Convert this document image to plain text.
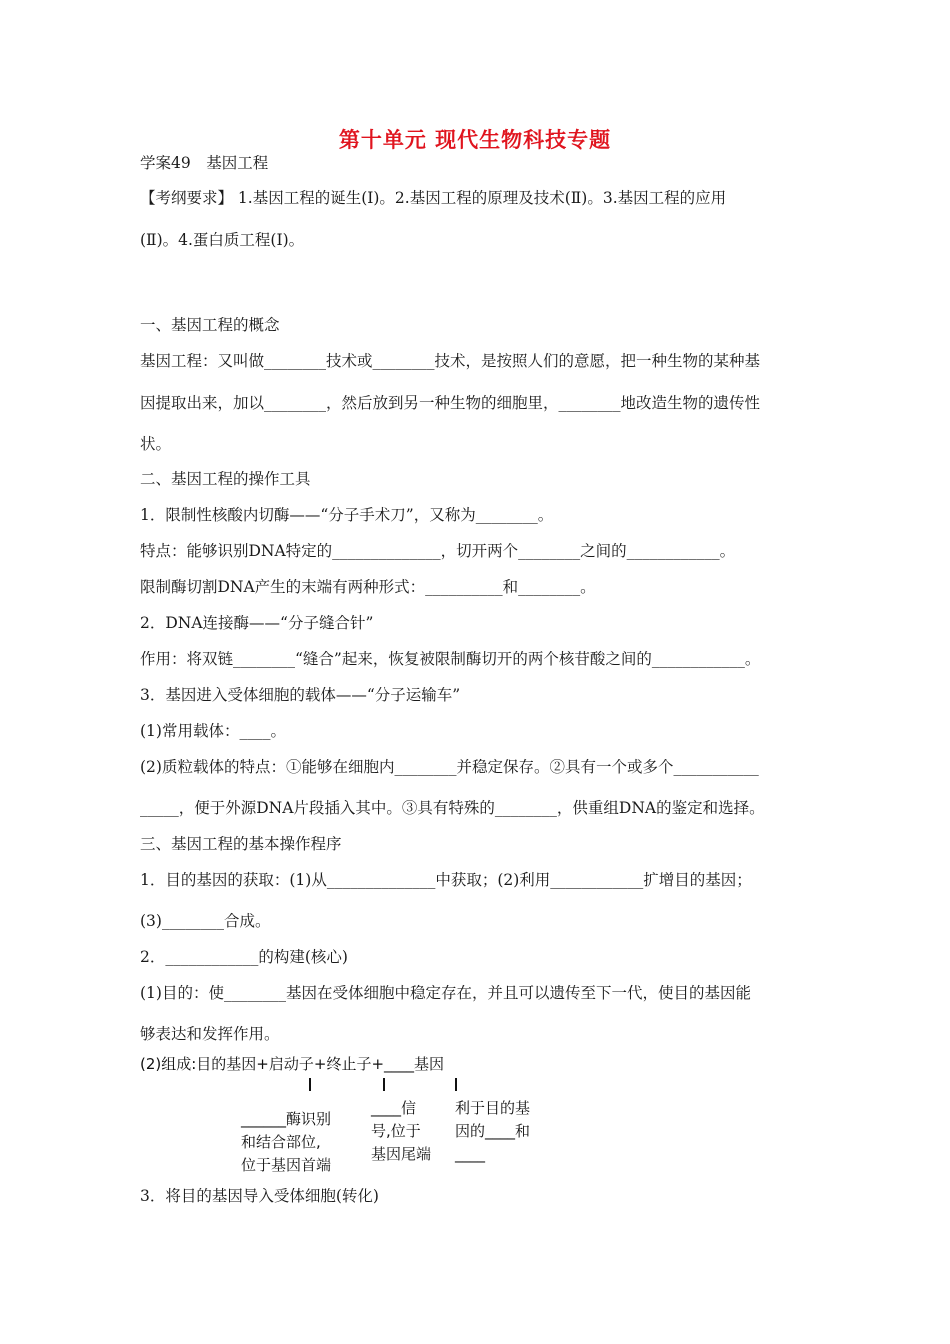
第十单元 现代生物科技专题
学案49　基因工程
【考纲要求】 1.基因工程的诞生(Ⅰ)。2.基因工程的原理及技术(Ⅱ)。3.基因工程的应用
(Ⅱ)。4.蛋白质工程(Ⅰ)。
一、基因工程的概念
基因工程：又叫做________技术或________技术，是按照人们的意愿，把一种生物的某种基
因提取出来，加以________，然后放到另一种生物的细胞里，________地改造生物的遗传性
状。
二、基因工程的操作工具
1．限制性核酸内切酶——“分子手术刀”，又称为________。
特点：能够识别DNA特定的______________，切开两个________之间的____________。
限制酶切割DNA产生的末端有两种形式：__________和________。
2．DNA连接酶——“分子缝合针”
作用：将双链________“缝合”起来，恢复被限制酶切开的两个核苷酸之间的____________。
3．基因进入受体细胞的载体——“分子运输车”
(1)常用载体：____。
(2)质粒载体的特点：①能够在细胞内________并稳定保存。②具有一个或多个___________
_____，便于外源DNA片段插入其中。③具有特殊的________，供重组DNA的鉴定和选择。
三、基因工程的基本操作程序
1．目的基因的获取：(1)从______________中获取；(2)利用____________扩增目的基因；
(3)________合成。
2．____________的构建(核心)
(1)目的：使________基因在受体细胞中稳定存在，并且可以遗传至下一代，使目的基因能
够表达和发挥作用。
(2)组成:目的基因+启动子+终止子+____基因
______酶识别
和结合部位,
位于基因首端
____信
号,位于
基因尾端
利于目的基
因的____和
____
3．将目的基因导入受体细胞(转化)
